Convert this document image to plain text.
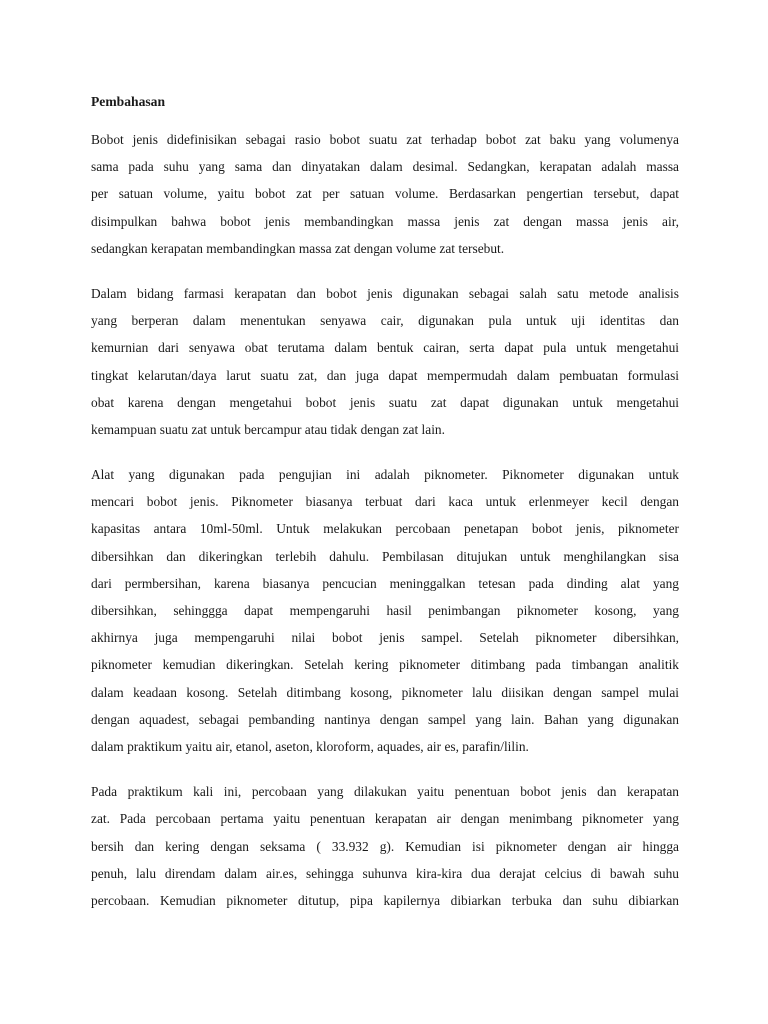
Pembahasan
Bobot jenis didefinisikan sebagai rasio bobot suatu zat terhadap bobot zat baku yang volumenya
sama pada suhu yang sama dan dinyatakan dalam desimal. Sedangkan, kerapatan adalah massa
per satuan volume, yaitu bobot zat per satuan volume. Berdasarkan pengertian tersebut, dapat
disimpulkan bahwa bobot jenis membandingkan massa jenis zat dengan massa jenis air,
sedangkan kerapatan membandingkan massa zat dengan volume zat tersebut.
Dalam bidang farmasi kerapatan dan bobot jenis digunakan sebagai salah satu metode analisis
yang berperan dalam menentukan senyawa cair, digunakan pula untuk uji identitas dan
kemurnian dari senyawa obat terutama dalam bentuk cairan, serta dapat pula untuk mengetahui
tingkat kelarutan/daya larut suatu zat, dan juga dapat mempermudah dalam pembuatan formulasi
obat karena dengan mengetahui bobot jenis suatu zat dapat digunakan untuk mengetahui
kemampuan suatu zat untuk bercampur atau tidak dengan zat lain.
Alat yang digunakan pada pengujian ini adalah piknometer. Piknometer digunakan untuk
mencari bobot jenis. Piknometer biasanya terbuat dari kaca untuk erlenmeyer kecil dengan
kapasitas antara 10ml-50ml. Untuk melakukan percobaan penetapan bobot jenis, piknometer
dibersihkan dan dikeringkan terlebih dahulu. Pembilasan ditujukan untuk menghilangkan sisa
dari permbersihan, karena biasanya pencucian meninggalkan tetesan pada dinding alat yang
dibersihkan, sehinggga dapat mempengaruhi hasil penimbangan piknometer kosong, yang
akhirnya juga mempengaruhi nilai bobot jenis sampel. Setelah piknometer dibersihkan,
piknometer kemudian dikeringkan. Setelah kering piknometer ditimbang pada timbangan analitik
dalam keadaan kosong. Setelah ditimbang kosong, piknometer lalu diisikan dengan sampel mulai
dengan aquadest, sebagai pembanding nantinya dengan sampel yang lain. Bahan yang digunakan
dalam praktikum yaitu air, etanol, aseton, kloroform, aquades, air es, parafin/lilin.
Pada praktikum kali ini, percobaan yang dilakukan yaitu penentuan bobot jenis dan kerapatan
zat. Pada percobaan pertama yaitu penentuan kerapatan air dengan menimbang piknometer yang
bersih dan kering dengan seksama ( 33.932 g). Kemudian isi piknometer dengan air hingga
penuh, lalu direndam dalam air.es, sehingga suhunva kira-kira dua derajat celcius di bawah suhu
percobaan. Kemudian piknometer ditutup, pipa kapilernya dibiarkan terbuka dan suhu dibiarkan
